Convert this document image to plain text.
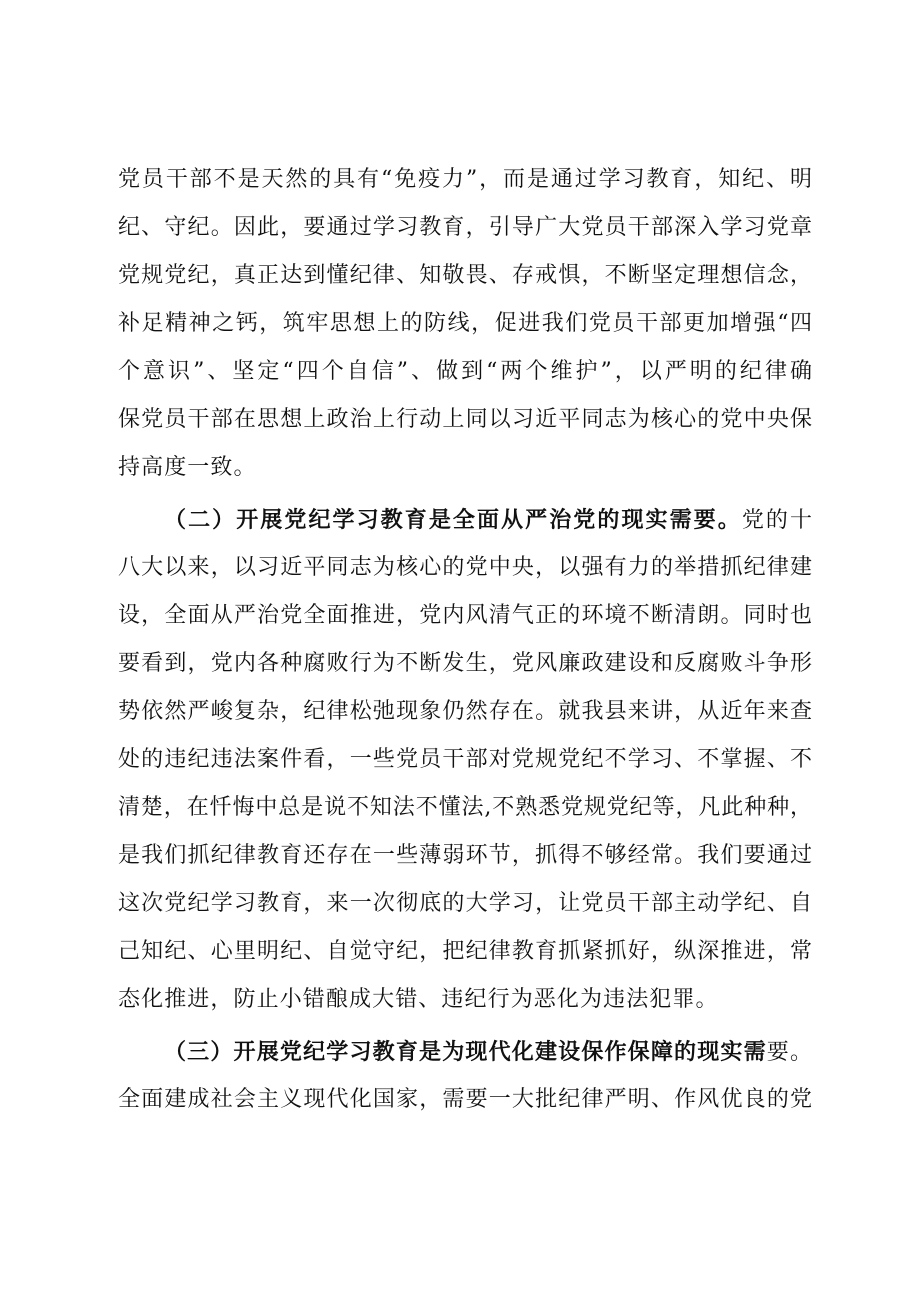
党员干部不是天然的具有“免疫力”，而是通过学习教育，知纪、明
纪、守纪。因此，要通过学习教育，引导广大党员干部深入学习党章
党规党纪，真正达到懂纪律、知敬畏、存戒惧，不断坚定理想信念，
补足精神之钙，筑牢思想上的防线，促进我们党员干部更加增强“四
个意识”、坚定“四个自信”、做到“两个维护”，以严明的纪律确
保党员干部在思想上政治上行动上同以习近平同志为核心的党中央保
持高度一致。
（二）开展党纪学习教育是全面从严治党的现实需要。党的十
八大以来，以习近平同志为核心的党中央，以强有力的举措抓纪律建
设，全面从严治党全面推进，党内风清气正的环境不断清朗。同时也
要看到，党内各种腐败行为不断发生，党风廉政建设和反腐败斗争形
势依然严峻复杂，纪律松弛现象仍然存在。就我县来讲，从近年来查
处的违纪违法案件看，一些党员干部对党规党纪不学习、不掌握、不
清楚，在忏悔中总是说不知法不懂法,不熟悉党规党纪等，凡此种种，
是我们抓纪律教育还存在一些薄弱环节，抓得不够经常。我们要通过
这次党纪学习教育，来一次彻底的大学习，让党员干部主动学纪、自
己知纪、心里明纪、自觉守纪，把纪律教育抓紧抓好，纵深推进，常
态化推进，防止小错酿成大错、违纪行为恶化为违法犯罪。
（三）开展党纪学习教育是为现代化建设保作保障的现实需要。
全面建成社会主义现代化国家，需要一大批纪律严明、作风优良的党
